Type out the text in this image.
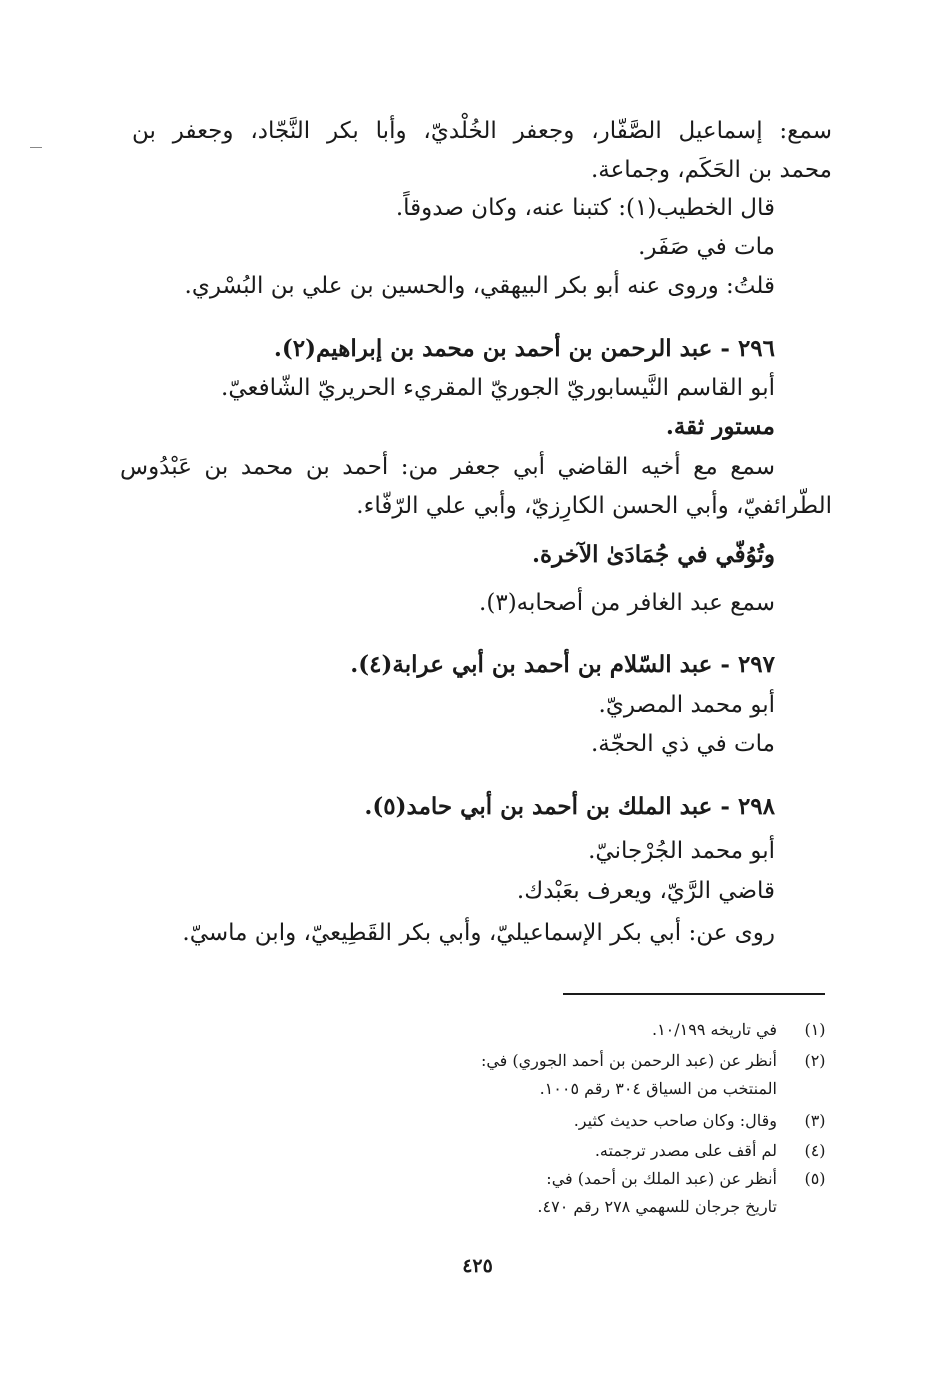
سمع: إسماعيل الصَّفّار، وجعفر الخُلْديّ، وأبا بكر النَّجّاد، وجعفر بن
محمد بن الحَكَم، وجماعة.
قال الخطيب(١): كتبنا عنه، وكان صدوقاً.
مات في صَفَر.
قلتُ: وروى عنه أبو بكر البيهقي، والحسين بن علي بن البُسْري.
٢٩٦ - عبد الرحمن بن أحمد بن محمد بن إبراهيم(٢).
أبو القاسم النَّيسابوريّ الجوريّ المقريء الحريريّ الشّافعيّ.
مستور ثقة.
سمع مع أخيه القاضي أبي جعفر من: أحمد بن محمد بن عَبْدُوس
الطّرائفيّ، وأبي الحسن الكارِزيّ، وأبي علي الرّفّاء.
وتُوُفّي في جُمَادَىٰ الآخرة.
سمع عبد الغافر من أصحابه(٣).
٢٩٧ - عبد السّلام بن أحمد بن أبي عرابة(٤).
أبو محمد المصريّ.
مات في ذي الحجّة.
٢٩٨ - عبد الملك بن أحمد بن أبي حامد(٥).
أبو محمد الجُرْجانيّ.
قاضي الرَّيّ، ويعرف بعَبْدك.
روى عن: أبي بكر الإسماعيليّ، وأبي بكر القَطِيعيّ، وابن ماسيّ.
(١)
في تاريخه ١٠/١٩٩.
(٢)
أنظر عن (عبد الرحمن بن أحمد الجوري) في:
المنتخب من السياق ٣٠٤ رقم ١٠٠٥.
(٣)
وقال: وكان صاحب حديث كثير.
(٤)
لم أقف على مصدر ترجمته.
(٥)
أنظر عن (عبد الملك بن أحمد) في:
تاريخ جرجان للسهمي ٢٧٨ رقم ٤٧٠.
٤٢٥
